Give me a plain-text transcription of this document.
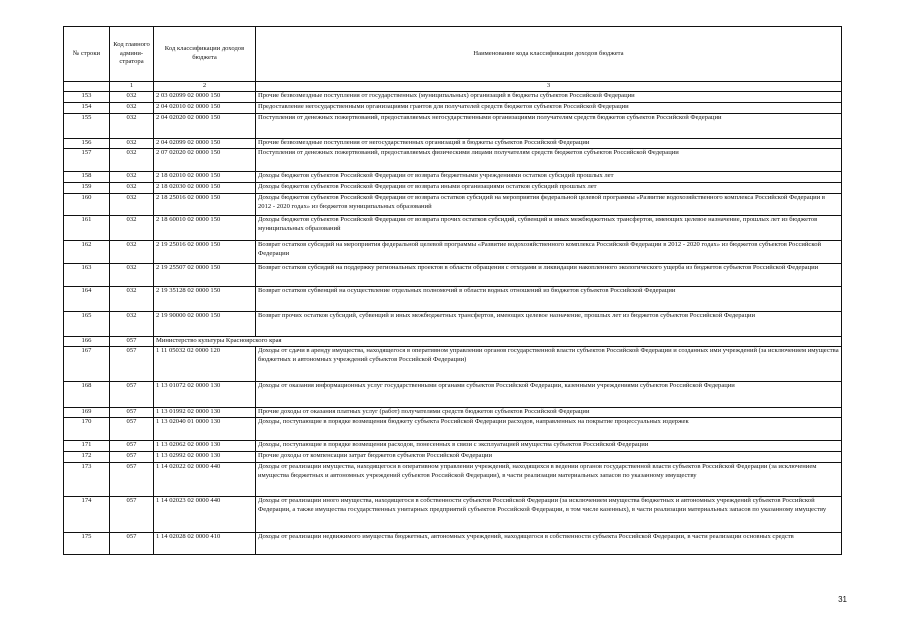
№ строки	Код главного админи-стратора	Код классификации доходов бюджета	Наименование кода классификации доходов бюджета
	1	2	3
153	032	2 03 02099 02 0000 150	Прочие безвозмездные поступления от государственных (муниципальных) организаций в бюджеты субъектов Российской Федерации
154	032	2 04 02010 02 0000 150	Предоставление негосударственными организациями грантов для получателей средств бюджетов субъектов Российской Федерации
155	032	2 04 02020 02 0000 150	Поступления от денежных пожертвований, предоставляемых негосударственными организациями получателям средств бюджетов субъектов Российской Федерации
156	032	2 04 02099 02 0000 150	Прочие безвозмездные поступления от негосударственных организаций в бюджеты субъектов Российской Федерации
157	032	2 07 02020 02 0000 150	Поступления от денежных пожертвований, предоставляемых физическими лицами получателям средств бюджетов субъектов Российской Федерации
158	032	2 18 02010 02 0000 150	Доходы бюджетов субъектов Российской Федерации от возврата бюджетными учреждениями остатков субсидий прошлых лет
159	032	2 18 02030 02 0000 150	Доходы бюджетов субъектов Российской Федерации от возврата иными организациями остатков субсидий прошлых лет
160	032	2 18 25016 02 0000 150	Доходы бюджетов субъектов Российской Федерации от возврата остатков субсидий на мероприятия федеральной целевой программы «Развитие водохозяйственного комплекса Российской Федерации в 2012 - 2020 годах» из бюджетов муниципальных образований
161	032	2 18 60010 02 0000 150	Доходы бюджетов субъектов Российской Федерации от возврата прочих остатков субсидий, субвенций и иных межбюджетных трансфертов, имеющих целевое назначение, прошлых лет из бюджетов муниципальных образований
162	032	2 19 25016 02 0000 150	Возврат остатков субсидий на мероприятия федеральной целевой программы «Развитие водохозяйственного комплекса Российской Федерации в 2012 - 2020 годах» из бюджетов субъектов Российской Федерации
163	032	2 19 25507 02 0000 150	Возврат остатков субсидий на поддержку региональных проектов в области обращения с отходами и ликвидации накопленного экологического ущерба из бюджетов субъектов Российской Федерации
164	032	2 19 35128 02 0000 150	Возврат остатков субвенций на осуществление отдельных полномочий в области водных отношений из бюджетов субъектов Российской Федерации
165	032	2 19 90000 02 0000 150	Возврат прочих остатков субсидий, субвенций и иных межбюджетных трансфертов, имеющих целевое назначение, прошлых лет из бюджетов субъектов Российской Федерации
166	057	Министерство культуры Красноярского края	
167	057	1 11 05032 02 0000 120	Доходы от сдачи в аренду имущества, находящегося в оперативном управлении органов государственной власти субъектов Российской Федерации и созданных ими учреждений (за исключением имущества бюджетных и автономных учреждений субъектов Российской Федерации)
168	057	1 13 01072 02 0000 130	Доходы от оказания информационных услуг государственными органами субъектов Российской Федерации, казенными учреждениями субъектов Российской Федерации
169	057	1 13 01992 02 0000 130	Прочие доходы от оказания платных услуг (работ) получателями средств бюджетов субъектов Российской Федерации
170	057	1 13 02040 01 0000 130	Доходы, поступающие в порядке возмещения бюджету субъекта Российской Федерации расходов, направленных на покрытие процессуальных издержек
171	057	1 13 02062 02 0000 130	Доходы, поступающие в порядке возмещения расходов, понесенных в связи с эксплуатацией имущества субъектов Российской Федерации
172	057	1 13 02992 02 0000 130	Прочие доходы от компенсации затрат бюджетов субъектов Российской Федерации
173	057	1 14 02022 02 0000 440	Доходы от реализации имущества, находящегося в оперативном управлении учреждений, находящихся в ведении органов государственной власти субъектов Российской Федерации (за исключением имущества бюджетных и автономных учреждений субъектов Российской Федерации), в части реализации материальных запасов по указанному имуществу
174	057	1 14 02023 02 0000 440	Доходы от реализации иного имущества, находящегося в собственности субъектов Российской Федерации (за исключением имущества бюджетных и автономных учреждений субъектов Российской Федерации, а также имущества государственных унитарных предприятий субъектов Российской Федерации, в том числе казенных), в части реализации материальных запасов по указанному имуществу
175	057	1 14 02028 02 0000 410	Доходы от реализации недвижимого имущества бюджетных, автономных учреждений, находящегося в собственности субъекта Российской Федерации, в части реализации основных средств
31
